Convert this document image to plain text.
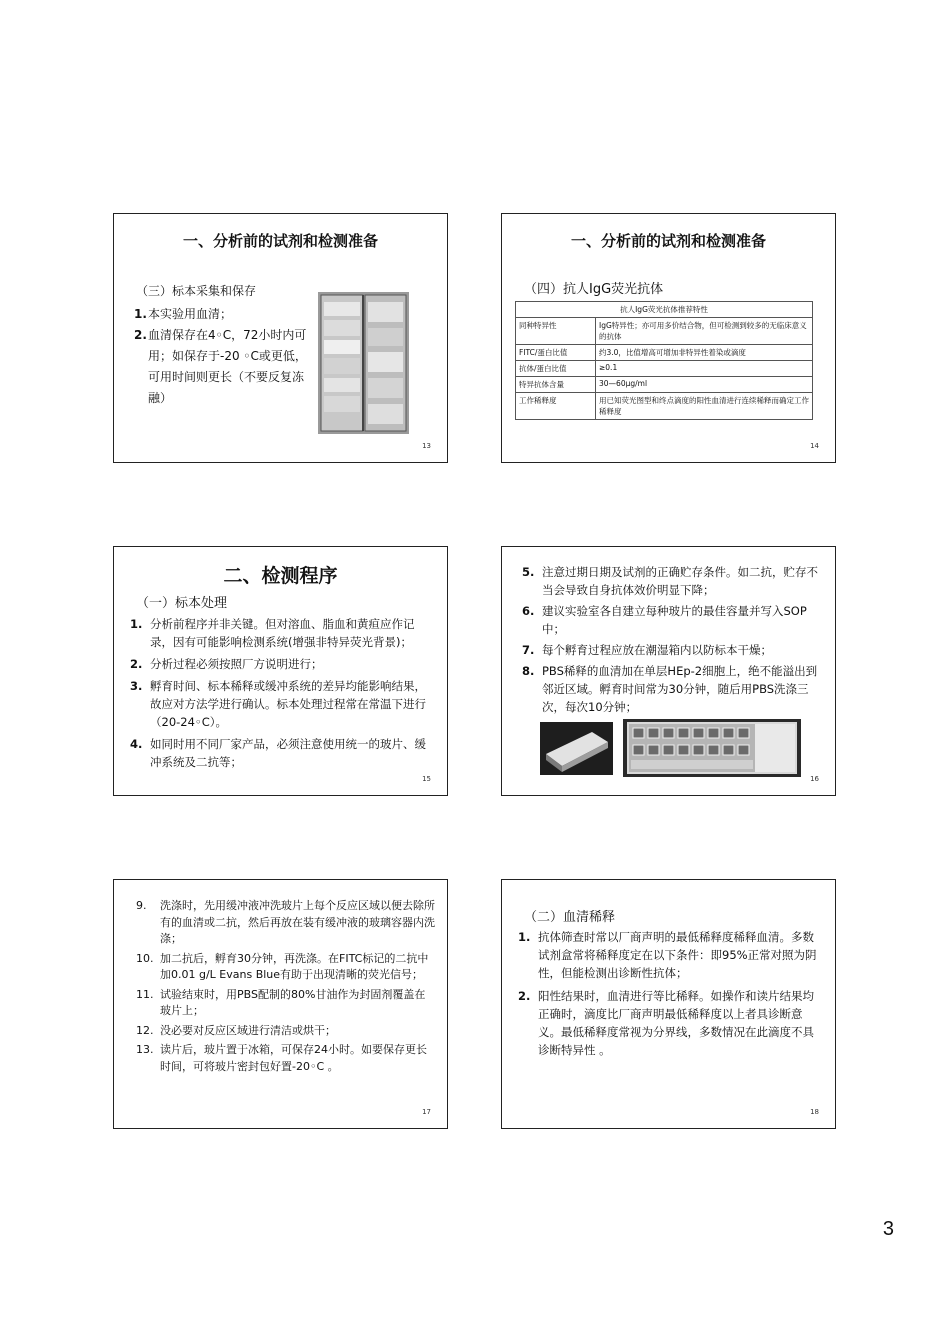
一、分析前的试剂和检测准备
（三）标本采集和保存
1. 本实验用血清；
2. 血清保存在4◦C，72小时内可用；如保存于-20 ◦C或更低，可用时间则更长（不要反复冻融）
13
一、分析前的试剂和检测准备
（四）抗人IgG荧光抗体
抗人IgG荧光抗体推荐特性	
同种特异性	IgG特异性；亦可用多价结合物，但可检测到较多的无临床意义的抗体
FITC/蛋白比值	约3.0，比值增高可增加非特异性着染或滴度
抗体/蛋白比值	≥0.1
特异抗体含量	30—60μg/ml
工作稀释度	用已知荧光图型和终点滴度的阳性血清进行连续稀释而确定工作稀释度
14
二、检测程序
（一）标本处理
1. 分析前程序并非关键。但对溶血、脂血和黄疸应作记录，因有可能影响检测系统(增强非特异荧光背景)；
2. 分析过程必须按照厂方说明进行；
3. 孵育时间、标本稀释或缓冲系统的差异均能影响结果，故应对方法学进行确认。标本处理过程常在常温下进行（20-24◦C）。
4. 如同时用不同厂家产品，必须注意使用统一的玻片、缓冲系统及二抗等；
15
5. 注意过期日期及试剂的正确贮存条件。如二抗，贮存不当会导致自身抗体效价明显下降；
6. 建议实验室各自建立每种玻片的最佳容量并写入SOP中；
7. 每个孵育过程应放在潮湿箱内以防标本干燥；
8. PBS稀释的血清加在单层HEp-2细胞上，绝不能溢出到邻近区域。孵育时间常为30分钟，随后用PBS洗涤三次，每次10分钟；
16
9. 洗涤时，先用缓冲液冲洗玻片上每个反应区域以便去除所有的血清或二抗，然后再放在装有缓冲液的玻璃容器内洗涤；
10. 加二抗后，孵育30分钟，再洗涤。在FITC标记的二抗中加0.01 g/L Evans Blue有助于出现清晰的荧光信号；
11. 试验结束时，用PBS配制的80%甘油作为封固剂覆盖在玻片上；
12. 没必要对反应区域进行清洁或烘干；
13. 读片后，玻片置于冰箱，可保存24小时。如要保存更长时间，可将玻片密封包好置-20◦C 。
17
（二）血清稀释
1. 抗体筛查时常以厂商声明的最低稀释度稀释血清。多数试剂盒常将稀释度定在以下条件：即95%正常对照为阴性，但能检测出诊断性抗体；
2. 阳性结果时，血清进行等比稀释。如操作和读片结果均正确时，滴度比厂商声明最低稀释度以上者具诊断意义。最低稀释度常视为分界线，多数情况在此滴度不具诊断特异性 。
18
3
